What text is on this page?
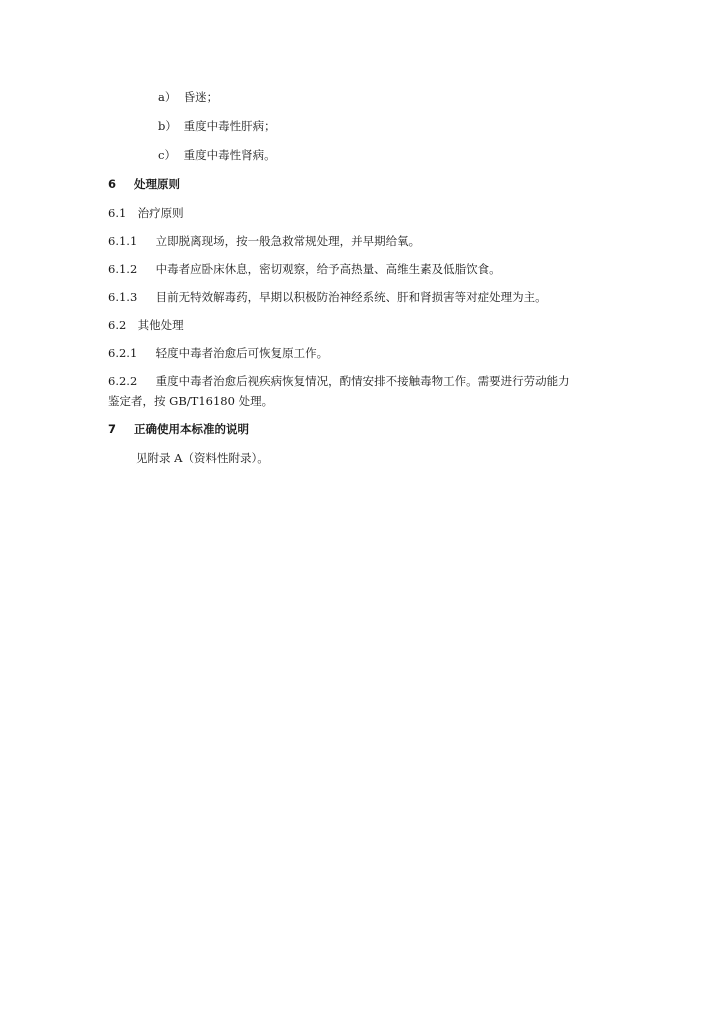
a） 昏迷；
b） 重度中毒性肝病；
c） 重度中毒性肾病。
6 处理原则
6.1 治疗原则
6.1.1 立即脱离现场，按一般急救常规处理，并早期给氧。
6.1.2 中毒者应卧床休息，密切观察，给予高热量、高维生素及低脂饮食。
6.1.3 目前无特效解毒药，早期以积极防治神经系统、肝和肾损害等对症处理为主。
6.2 其他处理
6.2.1 轻度中毒者治愈后可恢复原工作。
6.2.2 重度中毒者治愈后视疾病恢复情况，酌情安排不接触毒物工作。需要进行劳动能力
鉴定者，按 GB/T16180 处理。
7 正确使用本标准的说明
见附录 A（资料性附录）。
